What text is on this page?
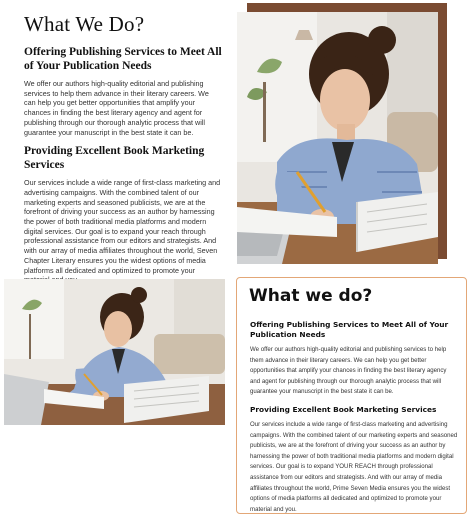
What We Do?
Offering Publishing Services to Meet All of Your Publication Needs

We offer our authors high-quality editorial and publishing services to help them advance in their literary careers. We can help you get better opportunities that amplify your chances in finding the best literary agency and agent for publishing through our thorough analytic process that will guarantee your manuscript in the best state it can be.

Providing Excellent Book Marketing Services

Our services include a wide range of first-class marketing and advertising campaigns. With the combined talent of our marketing experts and seasoned publicists, we are at the forefront of driving your success as an author by harnessing the power of both traditional media platforms and modern digital services. Our goal is to expand your reach through professional assistance from our editors and strategists. And with our array of media affiliates throughout the world, Seven Chapter Literary ensures you the widest options of media platforms all dedicated and optimized to promote your

What we do?
Offering Publishing Services to Meet All of Your Publication Needs

We offer our authors high-quality editorial and publishing services to help them advance in their literary careers. We can help you get better opportunities that amplify your chances in finding the best literary agency and agent for publishing through our thorough analytic process that will guarantee your manuscript in the best state it can be.

Providing Excellent Book Marketing Services

Our services include a wide range of first-class marketing and advertising campaigns. With the combined talent of our marketing experts and seasoned publicists, we are at the forefront of driving your success as an author by harnessing the power of both traditional media platforms and modern digital services. Our goal is to expand YOUR REACH through professional assistance from our editors and strategists. And with our array of media affiliates throughout the world, Prime Seven Media ensures you the widest options of media platforms all dedicated and optimized to promote your material and you.
